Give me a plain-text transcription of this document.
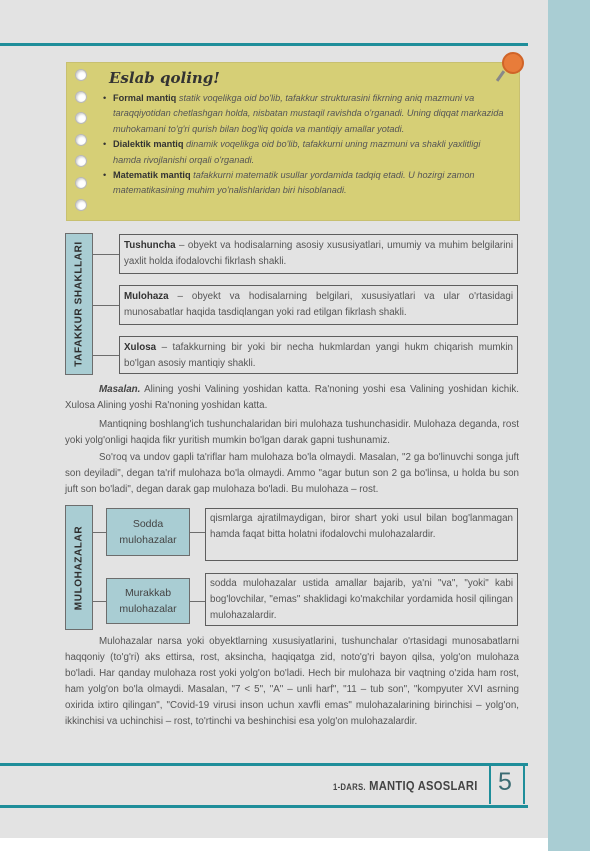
Eslab qoling!
• Formal mantiq statik voqelikga oid bo'lib, tafakkur strukturasini fikrning aniq mazmuni va taraqqiyotidan chetlashgan holda, nisbatan mustaqil ravishda o'rganadi. Uning diqqat markazida muhokamani to'g'ri qurish bilan bog'liq qoida va mantiqiy amallar yotadi.
• Dialektik mantiq dinamik voqelikga oid bo'lib, tafakkurni uning mazmuni va shakli yaxlitligi hamda rivojlanishi orqali o'rganadi.
• Matematik mantiq tafakkurni matematik usullar yordamida tadqiq etadi. U hozirgi zamon matematikasining muhim yo'nalishlaridan biri hisoblanadi.
TAFAKKUR SHAKLLARI	Tushuncha – obyekt va hodisalarning asosiy xususiyatlari, umumiy va muhim belgilarini yaxlit holda ifodalovchi fikrlash shakli.
Mulohaza – obyekt va hodisalarning belgilari, xususiyatlari va ular o'rtasidagi munosabatlar haqida tasdiqlangan yoki rad etilgan fikrlash shakli.
Xulosa – tafakkurning bir yoki bir necha hukmlardan yangi hukm chiqarish mumkin bo'lgan asosiy mantiqiy shakli.

Masalan. Alining yoshi Valining yoshidan katta. Ra'noning yoshi esa Valining yoshidan kichik. Xulosa Alining yoshi Ra'noning yoshidan katta.

Mantiqning boshlang'ich tushunchalaridan biri mulohaza tushunchasidir. Mulohaza deganda, rost yoki yolg'onligi haqida fikr yuritish mumkin bo'lgan darak gapni tushunamiz.

So'roq va undov gapli ta'riflar ham mulohaza bo'la olmaydi. Masalan, "2 ga bo'linuvchi songa juft son deyiladi", degan ta'rif mulohaza bo'la olmaydi. Ammo "agar butun son 2 ga bo'linsa, u holda bu son juft son bo'ladi", degan darak gap mulohaza bo'ladi. Bu mulohaza – rost.

MULOHAZALAR
Sodda mulohazalar
Murakkab mulohazalar
qismlarga ajratilmaydigan, biror shart yoki usul bilan bog'lanmagan hamda faqat bitta holatni ifodalovchi mulohazalardir.
sodda mulohazalar ustida amallar bajarib, ya'ni "va", "yoki" kabi bog'lovchilar, "emas" shaklidagi ko'makchilar yordamida hosil qilingan mulohazalardir.

Mulohazalar narsa yoki obyektlarning xususiyatlarini, tushunchalar o'rtasidagi munosabatlarni haqqoniy (to'g'ri) aks ettirsa, rost, aksincha, haqiqatga zid, noto'g'ri bayon qilsa, yolg'on mulohaza bo'ladi. Har qanday mulohaza rost yoki yolg'on bo'ladi. Hech bir mulohaza bir vaqtning o'zida ham rost, ham yolg'on bo'la olmaydi. Masalan, "7 < 5", "A" – unli harf", "11 – tub son", "kompyuter XVI asrning oxirida ixtiro qilingan", "Covid-19 virusi inson uchun xavfli emas" mulohazalarining birinchisi – yolg'on, ikkinchisi va uchinchisi – rost, to'rtinchi va beshinchisi esa yolg'on mulohazalardir.

1-DARS. MANTIQ ASOSLARI 5
